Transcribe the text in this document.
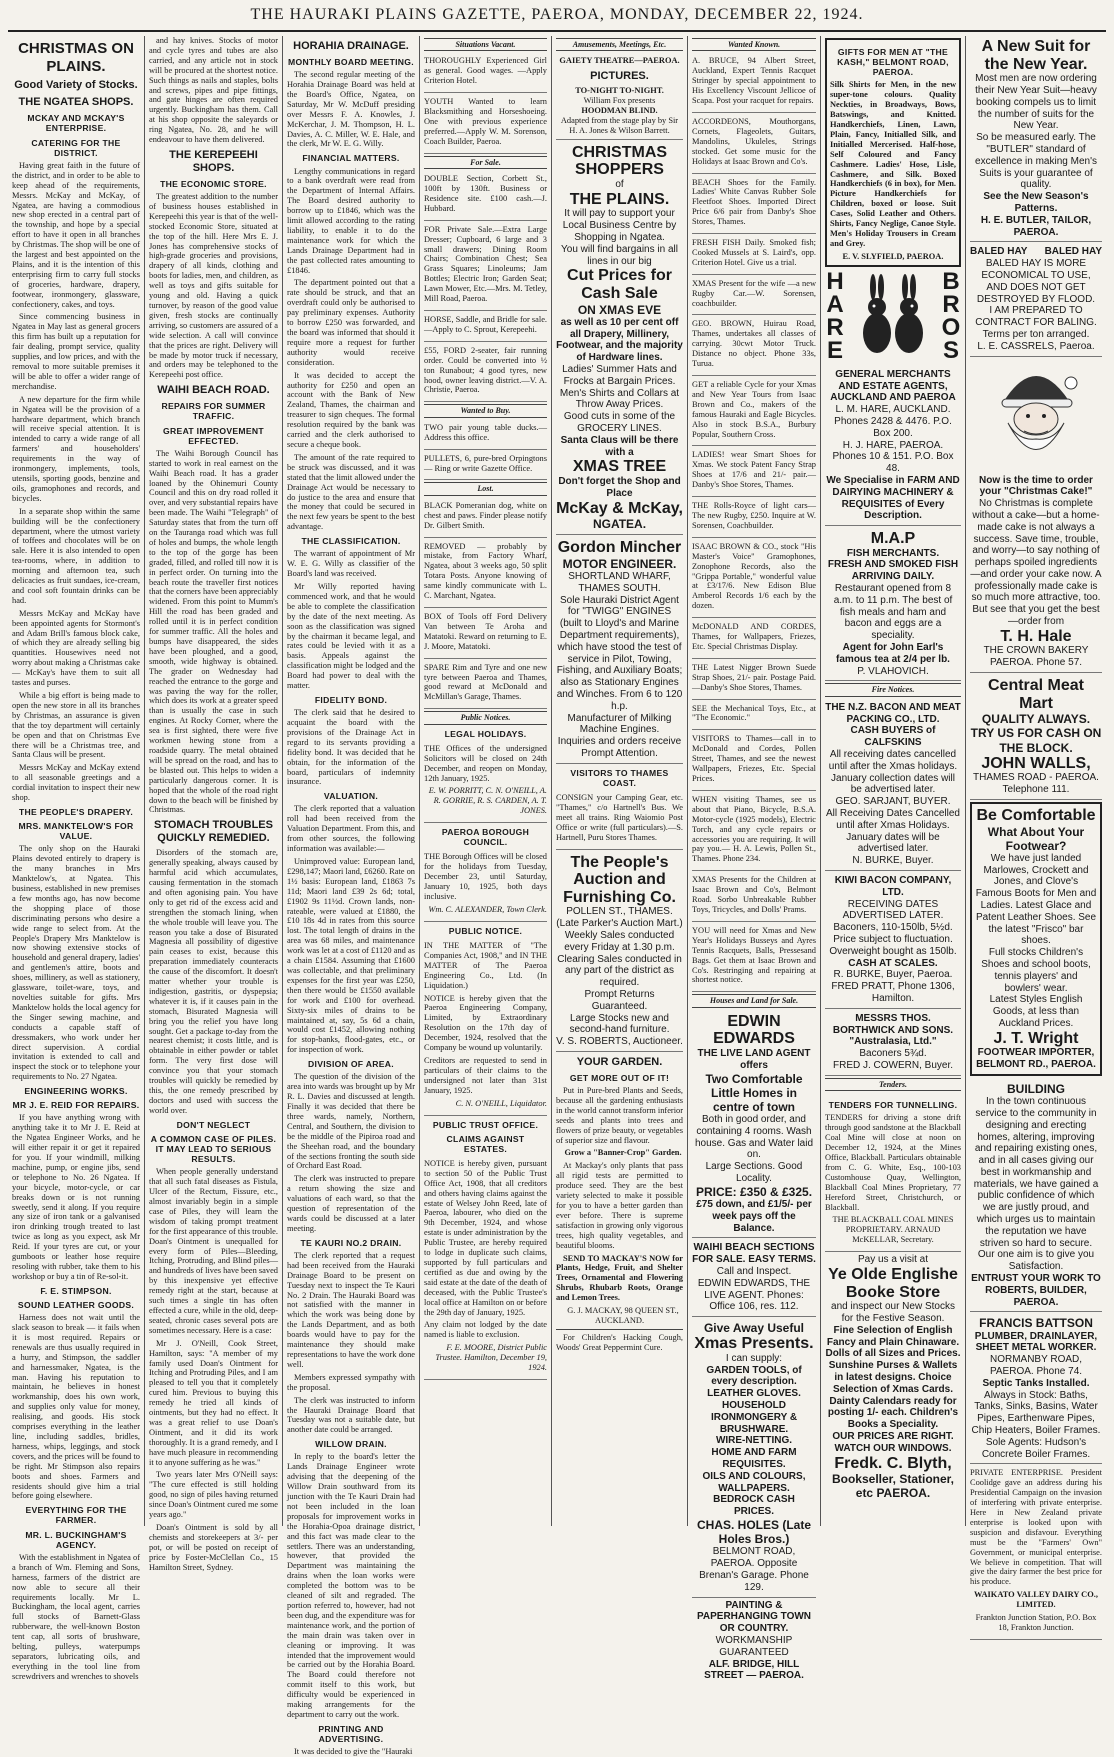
THE HAURAKI PLAINS GAZETTE, PAEROA, MONDAY, DECEMBER 22, 1924.
CHRISTMAS ON PLAINS.
Good Variety of Stocks.
THE NGATEA SHOPS.
MCKAY AND MCKAY'S ENTERPRISE.
CATERING FOR THE DISTRICT.

Having great faith in the future of the district, and in order to be able to keep ahead of the requirements, Messrs. McKay and McKay, of Ngatea, are having a commodious new shop erected in a central part of the township, and hope by a special effort to have it open in all branches by Christmas. The shop will be one of the largest and best appointed on the Plains, and it is the intention of this enterprising firm to carry full stocks of groceries, hardware, drapery, footwear, ironmongery, glassware, confectionery, cakes, and toys.

Since commencing business in Ngatea in May last as general grocers this firm has built up a reputation for fair dealing, prompt service, quality supplies, and low prices, and with the removal to more suitable premises it will be able to offer a wider range of merchandise.

A new departure for the firm while in Ngatea will be the provision of a hardware department, which branch will receive special attention. It is intended to carry a wide range of all farmers' and householders' requirements in the way of ironmongery, implements, tools, utensils, sporting goods, benzine and oils, gramophones and records, and bicycles.

In a separate shop within the same building will be the confectionery department, where the utmost variety of toffees and chocolates will be on sale. Here it is also intended to open tea-rooms, where, in addition to morning and afternoon tea, such delicacies as fruit sundaes, ice-cream, and cool soft fountain drinks can be had.

Messrs McKay and McKay have been appointed agents for Stormont's and Adam Brill's famous block cake, of which they are already selling big quantities. Housewives need not worry about making a Christmas cake — McKay's have them to suit all tastes and purses.

While a big effort is being made to open the new store in all its branches by Christmas, an assurance is given that the toy department will certainly be open and that on Christmas Eve there will be a Christmas tree, and Santa Claus will be present.

Messrs McKay and McKay extend to all seasonable greetings and a cordial invitation to inspect their new shop.

THE PEOPLE'S DRAPERY.
MRS. MANKTELOW'S FOR VALUE.

The only shop on the Hauraki Plains devoted entirely to drapery is the many branches in Mrs Manktelow's, at Ngatea. This business, established in new premises a few months ago, has now become the shopping place of those discriminating persons who desire a wide range to select from. At the People's Drapery Mrs Manktelow is now showing extensive stocks of household and general drapery, ladies' and gentlemen's attire, boots and shoes, millinery, as well as stationery, glassware, toilet-ware, toys, and novelties suitable for gifts. Mrs Manktelow holds the local agency for the Singer sewing machine, and conducts a capable staff of dressmakers, who work under her direct supervision. A cordial invitation is extended to call and inspect the stock or to telephone your requirements to No. 27 Ngatea.

ENGINEERING WORKS.
MR J. E. REID FOR REPAIRS.

If you have anything wrong with anything take it to Mr J. E. Reid at the Ngatea Engineer Works, and he will either repair it or get it repaired for you. If your windmill, milking machine, pump, or engine jibs, send or telephone to No. 26 Ngatea. If your bicycle, motor-cycle, or car breaks down or is not running sweetly, send it along. If you require any size of iron tank or a galvanised iron drinking trough treated to last twice as long as you expect, ask Mr Reid. If your tyres are cut, or your gumboots or leather hose require resoling with rubber, take them to his workshop or buy a tin of Re-sol-it.

F. E. STIMPSON.
SOUND LEATHER GOODS.

Harness does not wait until the slack season to break — it fails when it is most required. Repairs or renewals are thus usually required in a hurry, and Stimpson, the saddler and harnessmaker, Ngatea, is the man. Having his reputation to maintain, he believes in honest workmanship, does his own work, and supplies only value for money, realising, and goods. His stock comprises everything in the leather line, including saddles, bridles, harness, whips, leggings, and stock covers, and the prices will be found to be right. Mr Stimpson also repairs boots and shoes. Farmers and residents should give him a trial before going elsewhere.

EVERYTHING FOR THE FARMER.
MR. L. BUCKINGHAM'S AGENCY.

With the establishment in Ngatea of a branch of Wm. Fleming and Sons, harness, farmers of the district are now able to secure all their requirements locally. Mr L. Buckingham, the local agent, carries full stocks of Barnett-Glass rubberware, the well-known Boston tent cap, all sorts of brushware, belting, pulleys, waterpumps separators, lubricating oils, and everything in the tool line from screwdrivers and wrenches to shovels

and hay knives. Stocks of motor and cycle tyres and tubes are also carried, and any article not in stock will be procured at the shortest notice. Such things as nails and staples, bolts and screws, pipes and pipe fittings, and gate hinges are often required urgently. Buckingham has them. Call at his shop opposite the saleyards or ring Ngatea, No. 28, and he will endeavour to have them delivered.

THE KEREPEEHI SHOPS.
THE ECONOMIC STORE.

The greatest addition to the number of business houses established in Kerepeehi this year is that of the well-stocked Economic Store, situated at the top of the hill. Here Mrs E. J. Jones has comprehensive stocks of high-grade groceries and provisions, drapery of all kinds, clothing and boots for ladies, men, and children, as well as toys and gifts suitable for young and old. Having a quick turnover, by reason of the good value given, fresh stocks are continually arriving, so customers are assured of a wide selection. A call will convince that the prices are right. Delivery will be made by motor truck if necessary, and orders may be telephoned to the Kerepeehi post office.

WAIHI BEACH ROAD.
REPAIRS FOR SUMMER TRAFFIC.
GREAT IMPROVEMENT EFFECTED.

The Waihi Borough Council has started to work in real earnest on the Waihi Beach road. It has a grader loaned by the Ohinemuri County Council and this on dry road rolled it over, and very substantial repairs have been made. The Waihi "Telegraph" of Saturday states that from the turn off on the Tauranga road which was full of holes and bumps, the whole length to the top of the gorge has been graded, filled, and rolled till now it is in perfect order. On turning into the beach route the traveller first notices that the corners have been appreciably widened. From this point to Mumm's Hill the road has been graded and rolled until it is in perfect condition for summer traffic. All the holes and bumps have disappeared, the sides have been ploughed, and a good, smooth, wide highway is obtained. The grader on Wednesday had reached the entrance to the gorge and was paving the way for the roller, which does its work at a greater speed than is usually the case in such engines. At Rocky Corner, where the sea is first sighted, there were five workmen hewing stone from a roadside quarry. The metal obtained will be spread on the road, and has to be blasted out. This helps to widen a particularly dangerous corner. It is hoped that the whole of the road right down to the beach will be finished by Christmas.

STOMACH TROUBLES QUICKLY REMEDIED.

Disorders of the stomach are, generally speaking, always caused by harmful acid which accumulates, causing fermentation in the stomach and often agonising pain. You have only to get rid of the excess acid and strengthen the stomach lining, when the whole trouble will leave you. The reason you take a dose of Bisurated Magnesia all possibility of digestive pain ceases to exist, because this preparation immediately counteracts the cause of the discomfort. It doesn't matter whether your trouble is indigestion, gastritis, or dyspepsia; whatever it is, if it causes pain in the stomach, Bisurated Magnesia will bring you the relief you have long sought. Get a package to-day from the nearest chemist; it costs little, and is obtainable in either powder or tablet form. The very first dose will convince you that your stomach troubles will quickly be remedied by this, the one remedy prescribed by doctors and used with success the world over.

DON'T NEGLECT
A COMMON CASE OF PILES. IT MAY LEAD TO SERIOUS RESULTS.

When people generally understand that all such fatal diseases as Fistula, Ulcer of the Rectum, Fissure, etc., almost invariably begin in a simple case of Piles, they will learn the wisdom of taking prompt treatment for the first appearance of this trouble. Doan's Ointment is unequalled for every form of Piles—Bleeding, Itching, Protruding, and Blind piles—and hundreds of lives have been saved by this inexpensive yet effective remedy right at the start, because at such times a single tin has often effected a cure, while in the old, deep-seated, chronic cases several pots are sometimes necessary. Here is a case:

Mr J. O'Neill, Cook Street, Hamilton, says: "A member of my family used Doan's Ointment for Itching and Protruding Piles, and I am pleased to tell you that it completely cured him. Previous to buying this remedy he tried all kinds of ointments, but they had no effect. It was a great relief to use Doan's Ointment, and it did its work thoroughly. It is a grand remedy, and I have much pleasure in recommending it to anyone suffering as he was."

Two years later Mrs O'Neill says: "The cure effected is still holding good, no sign of piles having returned since Doan's Ointment cured me some years ago."

Doan's Ointment is sold by all chemists and storekeepers at 3/- per pot, or will be posted on receipt of price by Foster-McClellan Co., 15 Hamilton Street, Sydney.

HORAHIA DRAINAGE.
MONTHLY BOARD MEETING.

The second regular meeting of the Horahia Drainage Board was held at the Board's Office, Ngatea, on Saturday, Mr W. McDuff presiding over Messrs F. A. Knowles, J. McKerchar, J. M. Thompson, H. L. Davies, A. C. Miller, W. E. Hale, and the clerk, Mr W. E. G. Willy.

FINANCIAL MATTERS.

Lengthy communications in regard to a bank overdraft were read from the Department of Internal Affairs. The Board desired authority to borrow up to £1846, which was the limit allowed according to the rating liability, to enable it to do the maintenance work for which the Lands Drainage Department had in the past collected rates amounting to £1846.

The department pointed out that a rate should be struck, and that an overdraft could only be authorised to pay preliminary expenses. Authority to borrow £250 was forwarded, and the board was informed that should it require more a request for further authority would receive consideration.

It was decided to accept the authority for £250 and open an account with the Bank of New Zealand, Thames, the chairman and treasurer to sign cheques. The formal resolution required by the bank was carried and the clerk authorised to secure a cheque book.

The amount of the rate required to be struck was discussed, and it was stated that the limit allowed under the Drainage Act would be necessary to do justice to the area and ensure that the money that could be secured in the next few years be spent to the best advantage.

THE CLASSIFICATION.

The warrant of appointment of Mr W. E. G. Willy as classifier of the Board's land was received.

Mr Willy reported having commenced work, and that he would be able to complete the classification by the date of the next meeting. As soon as the classification was signed by the chairman it became legal, and rates could be levied with it as a basis. Appeals against the classification might be lodged and the Board had power to deal with the matter.

FIDELITY BOND.

The clerk said that he desired to acquaint the board with the provisions of the Drainage Act in regard to its servants providing a fidelity bond. It was decided that he obtain, for the information of the board, particulars of indemnity insurance.

VALUATION.

The clerk reported that a valuation roll had been received from the Valuation Department. From this, and from other sources, the following information was available:—

Unimproved value: European land, £298,147; Maori land, £6260. Rate on 1½ basis: European land, £1863 7s 11d; Maori land £39 2s 6d; total, £1902 9s 11½d. Crown lands, non-rateable, were valued at £1880, the £10 18s 4d in rates from this source lost. The total length of drains in the area was 68 miles, and maintenance work was let at a cost of £1120 and as a chain £1584. Assuming that £1600 was collectable, and that preliminary expenses for the first year was £250, then there would be £1550 available for work and £100 for overhead. Sixty-six miles of drains to be maintained at, say, 5s 6d a chain, would cost £1452, allowing nothing for stop-banks, flood-gates, etc., or for inspection of work.

DIVISION OF AREA.

The question of the division of the area into wards was brought up by Mr R. L. Davies and discussed at length. Finally it was decided that there be three wards, namely, Northern, Central, and Southern, the division to be the middle of the Pipiroa road and the Sheehan road, and the boundary of the sections fronting the south side of Orchard East Road.

The clerk was instructed to prepare a return showing the size and valuations of each ward, so that the question of representation of the wards could be discussed at a later meeting.

TE KAURI NO.2 DRAIN.

The clerk reported that a request had been received from the Hauraki Drainage Board to be present on Tuesday next to inspect the Te Kauri No. 2 Drain. The Hauraki Board was not satisfied with the manner in which the work was being done by the Lands Department, and as both boards would have to pay for the maintenance they should make representations to have the work done well.

Members expressed sympathy with the proposal.

The clerk was instructed to inform the Hauraki Drainage Board that Tuesday was not a suitable date, but another date could be arranged.

WILLOW DRAIN.

In reply to the board's letter the Lands Drainage Engineer wrote advising that the deepening of the Willow Drain southward from its junction with the Te Kauri Drain had not been included in the loan proposals for improvement works in the Horahia-Opoa drainage district, and this fact was made clear to the settlers. There was an understanding, however, that provided the Department was maintaining the drains when the loan works were completed the bottom was to be cleaned of silt and regraded. The portion referred to, however, had not been dug, and the expenditure was for maintenance work, and the portion of the main drain was taken over in cleaning or improving. It was intended that the improvement would be carried out by the Horahia Board. The Board could therefore not commit itself to this work, but difficulty would be experienced in making arrangements for the department to carry out the work.

PRINTING AND ADVERTISING.

It was decided to give the "Hauraki

Situations Vacant.

THOROUGHLY Experienced Girl as general. Good wages. —Apply Criterion Hotel.

YOUTH Wanted to learn Blacksmithing and Horseshoeing. One with previous experience preferred.—Apply W. M. Sorenson, Coach Builder, Paeroa.

For Sale.

DOUBLE Section, Corbett St., 100ft by 130ft. Business or Residence site. £100 cash.—J. Hubbard.

FOR Private Sale.—Extra Large Dresser; Cupboard, 6 large and 3 small drawers; Dining Room Chairs; Combination Chest; Sea Grass Squares; Linoleums; Jam Bottles; Electric Iron; Garden Seat; Lawn Mower, Etc.—Mrs. M. Tetley, Mill Road, Paeroa.

HORSE, Saddle, and Bridle for sale.—Apply to C. Sprout, Kerepeehi.

£55, FORD 2-seater, fair running order. Could be converted into ½ ton Runabout; 4 good tyres, new hood, owner leaving district.—V. A. Christie, Paeroa.

Wanted to Buy.

TWO pair young table ducks.— Address this office.

PULLETS, 6, pure-bred Orpingtons — Ring or write Gazette Office.

Lost.

BLACK Pomeranian dog, white on chest and paws. Finder please notify Dr. Gilbert Smith.

REMOVED — probably by mistake, from Factory Wharf, Ngatea, about 3 weeks ago, 50 split Totara Posts. Anyone knowing of same kindly communicate with L. C. Marchant, Ngatea.

BOX of Tools off Ford Delivery Van between Te Aroha and Matatoki. Reward on returning to E. J. Moore, Matatoki.

SPARE Rim and Tyre and one new tyre between Paeroa and Thames, good reward at McDonald and McMillan's Garage, Thames.

Public Notices.
LEGAL HOLIDAYS.

THE Offices of the undersigned Solicitors will be closed on 24th December, and reopen on Monday, 12th January, 1925.

E. W. PORRITT, C. N. O'NEILL, A. R. GORRIE, R. S. CARDEN, A. T. JONES.

PAEROA BOROUGH COUNCIL.

THE Borough Offices will be closed for the holidays from Tuesday, December 23, until Saturday, January 10, 1925, both days inclusive.

Wm. C. ALEXANDER, Town Clerk.

PUBLIC NOTICE.

IN THE MATTER of "The Companies Act, 1908," and IN THE MATTER of The Paeroa Engineering Co., Ltd. (In Liquidation.)

NOTICE is hereby given that the Paeroa Engineering Company, Limited, by Extraordinary Resolution on the 17th day of December, 1924, resolved that the Company be wound up voluntarily.

Creditors are requested to send in particulars of their claims to the undersigned not later than 31st January, 1925.

C. N. O'NEILL, Liquidator.

PUBLIC TRUST OFFICE.
CLAIMS AGAINST ESTATES.

NOTICE is hereby given, pursuant to section 50 of the Public Trust Office Act, 1908, that all creditors and others having claims against the estate of Welsey John Reed, late of Paeroa, labourer, who died on the 9th December, 1924, and whose estate is under administration by the Public Trustee, are hereby required to lodge in duplicate such claims, supported by full particulars and certified as due and owing by the said estate at the date of the death of deceased, with the Public Trustee's local office at Hamilton on or before the 29th day of January, 1925.

Any claim not lodged by the date named is liable to exclusion.

F. E. MOORE, District Public Trustee. Hamilton, December 19, 1924.

Amusements, Meetings, Etc.
GAIETY THEATRE—PAEROA.
PICTURES.
TO-NIGHT TO-NIGHT.
William Fox presents
HOODMAN BLIND.
Adapted from the stage play by Sir H. A. Jones & Wilson Barrett.
CHRISTMAS SHOPPERS
of
THE PLAINS.
It will pay to support your Local Business Centre by Shopping in Ngatea.
You will find bargains in all lines in our big
Cut Prices for Cash Sale
ON XMAS EVE
as well as 10 per cent off all Drapery, Millinery, Footwear, and the majority of Hardware lines.
Ladies' Summer Hats and Frocks at Bargain Prices. Men's Shirts and Collars at Throw Away Prices.
Good cuts in some of the GROCERY LINES.
Santa Claus will be there with a
XMAS TREE
Don't forget the Shop and Place
McKay & McKay,
NGATEA.
Gordon Mincher
MOTOR ENGINEER.
SHORTLAND WHARF, THAMES SOUTH.
Sole Hauraki District Agent for "TWIGG" ENGINES
(built to Lloyd's and Marine Department requirements), which have stood the test of service in Pilot, Towing, Fishing, and Auxiliary Boats; also as Stationary Engines and Winches. From 6 to 120 h.p.
Manufacturer of Milking Machine Engines.
Inquiries and orders receive Prompt Attention.
VISITORS TO THAMES COAST.

CONSIGN your Camping Gear, etc. "Thames," c/o Hartnell's Bus. We meet all trains. Ring Waiomio Post Office or write (full particulars).—S. Hartnell, Puru Stores Thames.

The People's Auction and Furnishing Co.
POLLEN ST., THAMES. (Late Parker's Auction Mart.)
Weekly Sales conducted every Friday at 1.30 p.m.
Clearing Sales conducted in any part of the district as required.
Prompt Returns Guaranteed.
Large Stocks new and second-hand furniture.
V. S. ROBERTS, Auctioneer.
YOUR GARDEN.
GET MORE OUT OF IT!

Put in Pure-bred Plants and Seeds, because all the gardening enthusiasts in the world cannot transform inferior seeds and plants into trees and flowers of prize beauty, or vegetables of superior size and flavour.

Grow a "Banner-Crop" Garden.

At Mackay's only plants that pass all rigid tests are permitted to produce seed. They are the best variety selected to make it possible for you to have a better garden than ever before. There is supreme satisfaction in growing only vigorous trees, high quality vegetables, and beautiful blooms.

SEND TO MACKAY'S NOW for Plants, Hedge, Fruit, and Shelter Trees, Ornamental and Flowering Shrubs, Rhubarb Roots, Orange and Lemon Trees.

G. J. MACKAY, 98 QUEEN ST., AUCKLAND.

For Children's Hacking Cough, Woods' Great Peppermint Cure.

Wanted Known.

A. BRUCE, 94 Albert Street, Auckland, Expert Tennis Racquet Stringer by special appointment to His Excellency Viscount Jellicoe of Scapa. Post your racquet for repairs.

ACCORDEONS, Mouthorgans, Cornets, Flageolets, Guitars, Mandolins, Ukuleles, Strings stocked. Get some music for the Holidays at Isaac Brown and Co's.

BEACH Shoes for the Family. Ladies' White Canvas Rubber Sole Fleetfoot Shoes. Imported Direct Price 6/6 pair from Danby's Shoe Stores, Thames.

FRESH FISH Daily. Smoked fish; Cooked Mussels at S. Laird's, opp. Criterion Hotel. Give us a trial.

XMAS Present for the wife —a new Rugby Car.—W. Sorensen, coachbuilder.

GEO. BROWN, Huirau Road, Thames, undertakes all classes of carrying. 30cwt Motor Truck. Distance no object. Phone 33s, Turua.

GET a reliable Cycle for your Xmas and New Year Tours from Isaac Brown and Co., makers of the famous Hauraki and Eagle Bicycles. Also in stock B.S.A., Burbury Popular, Southern Cross.

LADIES! wear Smart Shoes for Xmas. We stock Patent Fancy Strap Shoes at 17/6 and 21/- pair.—Danby's Shoe Stores, Thames.

THE Rolls-Royce of light cars— The new Rugby, £250. Inquire at W. Sorensen, Coachbuilder.

ISAAC BROWN & CO., stock "His Master's Voice" Gramophones, Zonophone Records, also the "Grippa Portable," wonderful value at £3/17/6. New Edison Blue Amberol Records 1/6 each by the dozen.

McDONALD AND CORDES, Thames, for Wallpapers, Friezes, Etc. Special Christmas Display.

THE Latest Nigger Brown Suede Strap Shoes, 21/- pair. Postage Paid.—Danby's Shoe Stores, Thames.

SEE the Mechanical Toys, Etc., at "The Economic."

VISITORS to Thames—call in to McDonald and Cordes, Pollen Street, Thames, and see the newest Wallpapers, Friezes, Etc. Special Prices.

WHEN visiting Thames, see us about that Piano, Bicycle, B.S.A. Motor-cycle (1925 models), Electric Torch, and any cycle repairs or accessories you are requiring. It will pay you.— H. A. Lewis, Pollen St., Thames. Phone 234.

XMAS Presents for the Children at Isaac Brown and Co's, Belmont Road. Sorbo Unbreakable Rubber Toys, Tricycles, and Dolls' Prams.

YOU will need for Xmas and New Year's Holidays Busseys and Ayres Tennis Racquets, Balls, Pressesand Bags. Get them at Isaac Brown and Co's. Restringing and repairing at shortest notice.

Houses and Land for Sale.
EDWIN EDWARDS
THE LIVE LAND AGENT offers
Two Comfortable Little Homes in centre of town
Both in good order, and containing 4 rooms. Wash house. Gas and Water laid on.
Large Sections. Good Locality.
PRICE: £350 & £325.
£75 down, and £1/5/- per week pays off the Balance.
WAIHI BEACH SECTIONS FOR SALE. EASY TERMS.
Call and Inspect.
EDWIN EDWARDS, THE LIVE AGENT. Phones: Office 106, res. 112.
Give Away Useful
Xmas Presents.
I can supply:
GARDEN TOOLS, of every description.
LEATHER GLOVES.
HOUSEHOLD IRONMONGERY & BRUSHWARE.
WIRE-NETTING.
HOME AND FARM REQUISITES.
OILS AND COLOURS, WALLPAPERS.
BEDROCK CASH PRICES.
CHAS. HOLES (Late Holes Bros.)
BELMONT ROAD, PAEROA. Opposite Brenan's Garage. Phone 129.
PAINTING & PAPERHANGING TOWN OR COUNTRY.
WORKMANSHIP GUARANTEED
ALF. BRIDGE, HILL STREET — PAEROA.
GIFTS FOR MEN AT "THE KASH," BELMONT ROAD, PAEROA.

Silk Shirts for Men, in the new super-tone colours. Quality Neckties, in Broadways, Bows, Batswings, and Knitted. Handkerchiefs, Linen, Lawn, Plain, Fancy, Initialled Silk, and Initialled Mercerised. Half-hose, Self Coloured and Fancy Cashmere. Ladies' Hose, Lisle, Cashmere, and Silk. Boxed Handkerchiefs (6 in box), for Men. Picture Handkerchiefs for Children, boxed or loose. Suit Cases, Solid Leather and Others. Shirts, Fancy Neglige, Canoe Style. Men's Holiday Trousers in Cream and Grey.

E. V. SLYFIELD, PAEROA.
HARE
BROS
GENERAL MERCHANTS AND ESTATE AGENTS, AUCKLAND AND PAEROA
L. M. HARE, AUCKLAND. Phones 2428 & 4476. P.O. Box 200.
H. J. HARE, PAEROA. Phones 10 & 151. P.O. Box 48.
We Specialise in FARM AND DAIRYING MACHINERY & REQUISITES of Every Description.
M.A.P
FISH MERCHANTS.
FRESH AND SMOKED FISH ARRIVING DAILY.
Restaurant opened from 8 a.m. to 11 p.m. The best of fish meals and ham and bacon and eggs are a speciality.
Agent for John Earl's famous tea at 2/4 per lb.
P. VLAHOVICH.
Fire Notices.
THE N.Z. BACON AND MEAT PACKING CO., LTD.
CASH BUYERS of CALFSKINS
All receiving dates cancelled until after the Xmas holidays. January collection dates will be advertised later.
GEO. SARJANT, BUYER.
All Receiving Dates Cancelled until after Xmas Holidays. January dates will be advertised later.
N. BURKE, Buyer.
KIWI BACON COMPANY, LTD.
RECEIVING DATES ADVERTISED LATER.
Baconers, 110-150lb, 5½d. Price subject to fluctuation. Overweight bought as 150lb.
CASH AT SCALES.
R. BURKE, Buyer, Paeroa.
FRED PRATT, Phone 1306, Hamilton.
MESSRS THOS. BORTHWICK AND SONS. "Australasia, Ltd."
Baconers 5¾d.
FRED J. COWERN, Buyer.
Tenders.
TENDERS FOR TUNNELLING.

TENDERS for driving a stone drift through good sandstone at the Blackball Coal Mine will close at noon on December 12, 1924, at the Mines Office, Blackball. Particulars obtainable from C. G. White, Esq., 100-103 Customhouse Quay, Wellington, Blackball Coal Mines Proprietary, 77 Hereford Street, Christchurch, or Blackball.

THE BLACKBALL COAL MINES PROPRIETARY. ARNAUD McKELLAR, Secretary.

Pay us a visit at
Ye Olde Englishe Booke Store
and inspect our New Stocks for the Festive Season.
Fine Selection of English Fancy and Plain Chinaware. Dolls of all Sizes and Prices. Sunshine Purses & Wallets in latest designs. Choice Selection of Xmas Cards. Dainty Calendars ready for posting 1/- each. Children's Books a Speciality.
OUR PRICES ARE RIGHT. WATCH OUR WINDOWS.
Fredk. C. Blyth,
Bookseller, Stationer, etc PAEROA.
A New Suit for the New Year.
Most men are now ordering their New Year Suit—heavy booking compels us to limit the number of suits for the New Year.
So be measured early. The "BUTLER" standard of excellence in making Men's Suits is your guarantee of quality.
See the New Season's Patterns.
H. E. BUTLER, TAILOR, PAEROA.
BALED HAY BALED HAY
BALED HAY IS MORE ECONOMICAL TO USE, AND DOES NOT GET DESTROYED BY FLOOD.
I AM PREPARED TO CONTRACT FOR BALING.
Terms per ton arranged.
L. E. CASSRELS, Paeroa.
Now is the time to order your "Christmas Cake!"
No Christmas is complete without a cake—but a home-made cake is not always a success. Save time, trouble, and worry—to say nothing of perhaps spoiled ingredients—and order your cake now. A professionally made cake is so much more attractive, too. But see that you get the best—order from
T. H. Hale
THE CROWN BAKERY PAEROA. Phone 57.
Central Meat Mart
QUALITY ALWAYS.
TRY US FOR CASH ON THE BLOCK.
JOHN WALLS,
THAMES ROAD - PAEROA. Telephone 111.
Be Comfortable
What About Your Footwear?
We have just landed Marlowes, Crockett and Jones, and Clove's Famous Boots for Men and Ladies. Latest Glace and Patent Leather Shoes. See the latest "Frisco" bar shoes.
Full stocks Children's Shoes and school boots, tennis players' and bowlers' wear.
Latest Styles English Goods, at less than Auckland Prices.
J. T. Wright
FOOTWEAR IMPORTER, BELMONT RD., PAEROA.
BUILDING
In the town continuous service to the community in designing and erecting homes, altering, improving and repairing existing ones, and in all cases giving our best in workmanship and materials, we have gained a public confidence of which we are justly proud, and which urges us to maintain the reputation we have striven so hard to secure.
Our one aim is to give you Satisfaction.
ENTRUST YOUR WORK TO ROBERTS, BUILDER, PAEROA.
FRANCIS BATTSON
PLUMBER, DRAINLAYER, SHEET METAL WORKER.
NORMANBY ROAD, PAEROA. Phone 74.
Septic Tanks Installed.
Always in Stock: Baths, Tanks, Sinks, Basins, Water Pipes, Earthenware Pipes, Chip Heaters, Boiler Frames.
Sole Agents: Hudson's Concrete Boiler Frames.

PRIVATE ENTERPRISE. President Coolidge gave an address during his Presidential Campaign on the invasion of interfering with private enterprise. Here in New Zealand private enterprise is looked upon with suspicion and disfavour. Everything must be the "Farmers' Own" Government, or municipal enterprise. We believe in competition. That will give the dairy farmer the best price for his produce.

WAIKATO VALLEY DAIRY CO., LIMITED.

Frankton Junction Station, P.O. Box 18, Frankton Junction.
